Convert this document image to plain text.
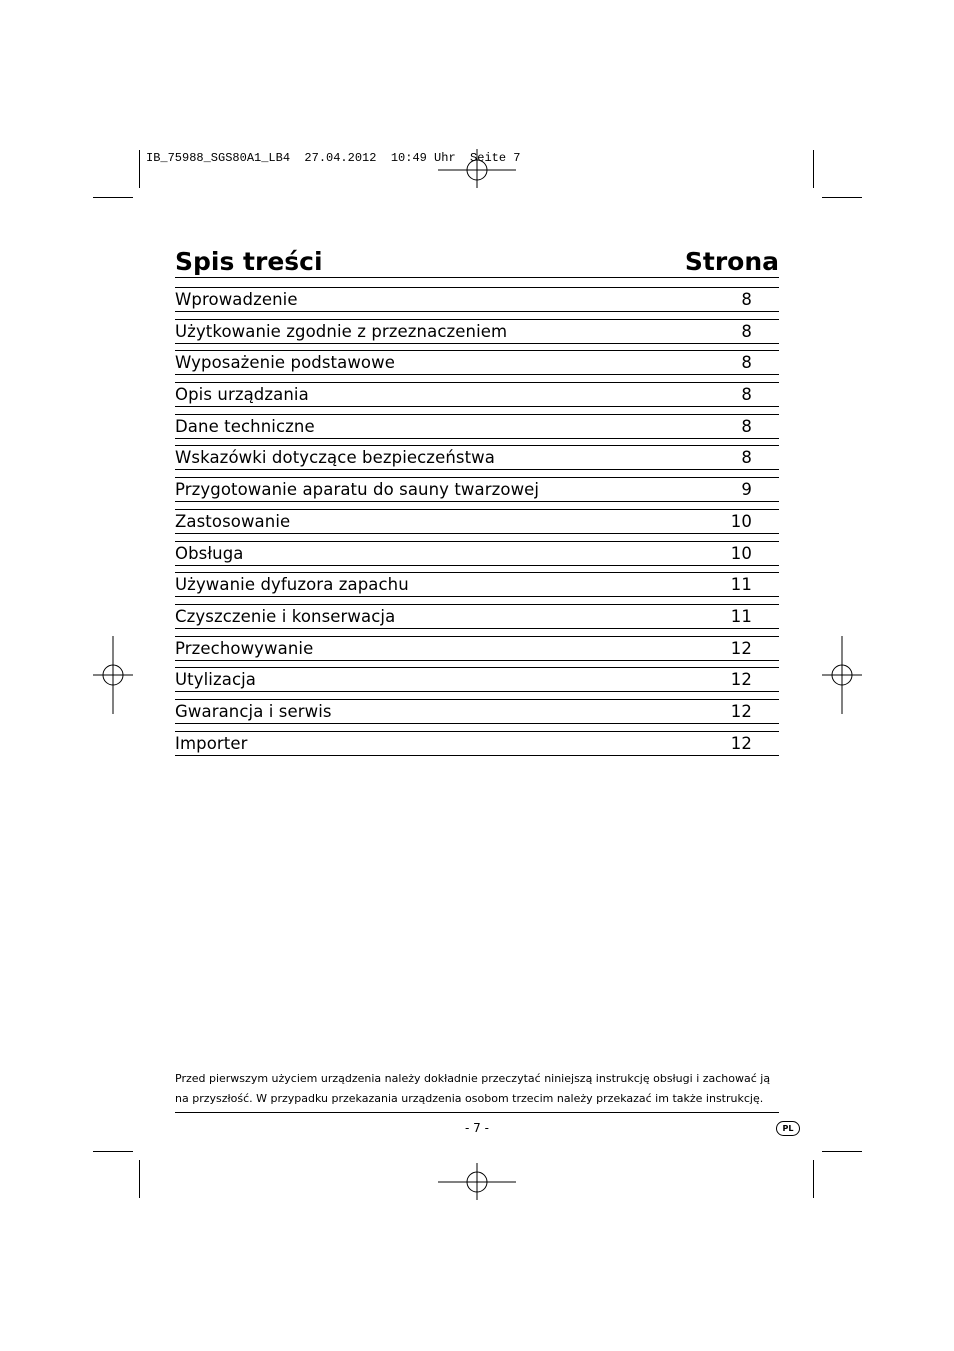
IB_75988_SGS80A1_LB4  27.04.2012  10:49 Uhr  Seite 7
Spis treści	Strona
Wprowadzenie	8
Użytkowanie zgodnie z przeznaczeniem	8
Wyposażenie podstawowe	8
Opis urządzania	8
Dane techniczne	8
Wskazówki dotyczące bezpieczeństwa	8
Przygotowanie aparatu do sauny twarzowej	9
Zastosowanie	10
Obsługa	10
Używanie dyfuzora zapachu	11
Czyszczenie i konserwacja	11
Przechowywanie	12
Utylizacja	12
Gwarancja i serwis	12
Importer	12
Przed pierwszym użyciem urządzenia należy dokładnie przeczytać niniejszą instrukcję obsługi i zachować ją na przyszłość. W przypadku przekazania urządzenia osobom trzecim należy przekazać im także instrukcję.
- 7 -	PL
